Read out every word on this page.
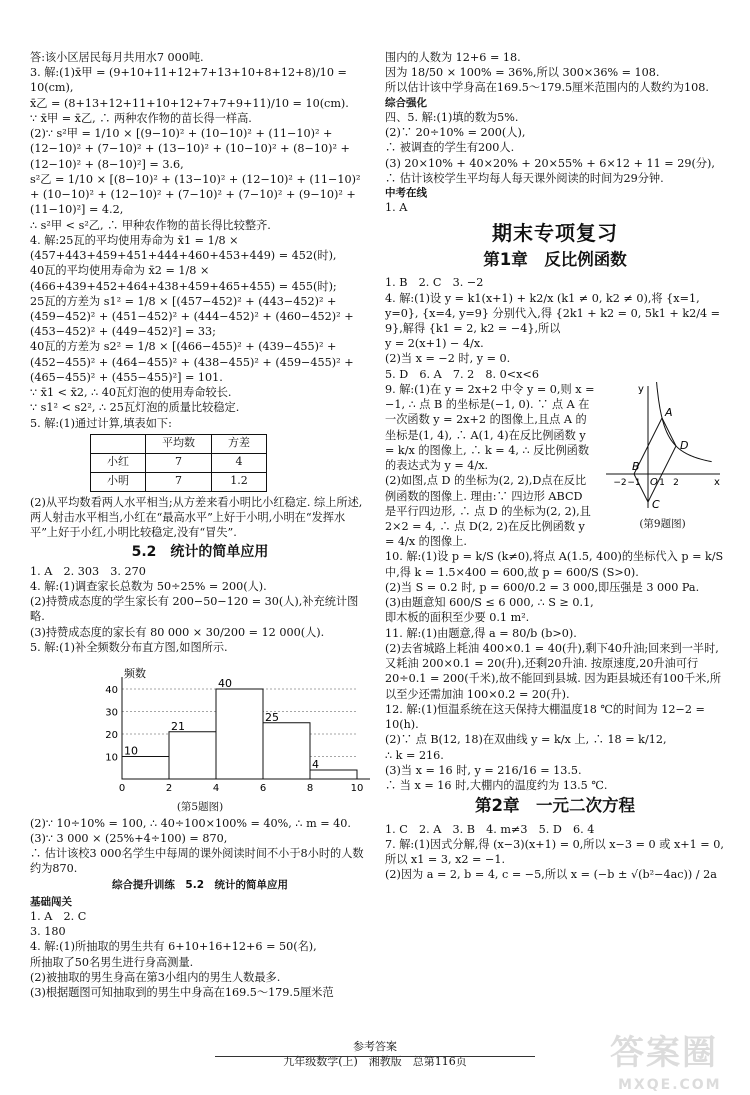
答:该小区居民每月共用水7 000吨.

3. 解:(1)x̄甲 = (9+10+11+12+7+13+10+8+12+8)/10 = 10(cm),

x̄乙 = (8+13+12+11+10+12+7+7+9+11)/10 = 10(cm).

∵ x̄甲 = x̄乙, ∴ 两种农作物的苗长得一样高.

(2)∵ s²甲 = 1/10 × [(9−10)² + (10−10)² + (11−10)² + (12−10)² + (7−10)² + (13−10)² + (10−10)² + (8−10)² + (12−10)² + (8−10)²] = 3.6,

s²乙 = 1/10 × [(8−10)² + (13−10)² + (12−10)² + (11−10)² + (10−10)² + (12−10)² + (7−10)² + (7−10)² + (9−10)² + (11−10)²] = 4.2,

∴ s²甲 < s²乙, ∴ 甲种农作物的苗长得比较整齐.

4. 解:25瓦的平均使用寿命为 x̄1 = 1/8 × (457+443+459+451+444+460+453+449) = 452(时),

40瓦的平均使用寿命为 x̄2 = 1/8 × (466+439+452+464+438+459+465+455) = 455(时);

25瓦的方差为 s1² = 1/8 × [(457−452)² + (443−452)² + (459−452)² + (451−452)² + (444−452)² + (460−452)² + (453−452)² + (449−452)²] = 33;

40瓦的方差为 s2² = 1/8 × [(466−455)² + (439−455)² + (452−455)² + (464−455)² + (438−455)² + (459−455)² + (465−455)² + (455−455)²] = 101.

∵ x̄1 < x̄2, ∴ 40瓦灯泡的使用寿命较长.

∵ s1² < s2², ∴ 25瓦灯泡的质量比较稳定.

5. 解:(1)通过计算,填表如下:

	平均数	方差
小红	7	4
小明	7	1.2

(2)从平均数看两人水平相当;从方差来看小明比小红稳定. 综上所述,两人射击水平相当,小红在“最高水平”上好于小明,小明在“发挥水平”上好于小红,小明比较稳定,没有“冒失”.

5.2　统计的简单应用

1. A　2. 303　3. 270

4. 解:(1)调查家长总数为 50÷25% = 200(人).

(2)持赞成态度的学生家长有 200−50−120 = 30(人),补充统计图略.

(3)持赞成态度的家长有 80 000 × 30/200 = 12 000(人).

5. 解:(1)补全频数分布直方图,如图所示.

10
20
30
40
10
21
40
25
4
频数
0	2	4	6	8	10
(第5题图)

(2)∵ 10÷10% = 100, ∴ 40÷100×100% = 40%, ∴ m = 40.

(3)∵ 3 000 × (25%+4÷100) = 870,

∴ 估计该校3 000名学生中每周的课外阅读时间不小于8小时的人数约为870.

综合提升训练　5.2　统计的简单应用
基础闯关

1. A　2. C

3. 180

4. 解:(1)所抽取的男生共有 6+10+16+12+6 = 50(名),

所抽取了50名男生进行身高测量.

(2)被抽取的男生身高在第3小组内的男生人数最多.

(3)根据题图可知抽取到的男生中身高在169.5～179.5厘米范

围内的人数为 12+6 = 18.

因为 18/50 × 100% = 36%,所以 300×36% = 108.

所以估计该中学身高在169.5～179.5厘米范围内的人数约为108.

综合强化

四、5. 解:(1)填的数为5%.

(2)∵ 20÷10% = 200(人),

∴ 被调查的学生有200人.

(3) 20×10% + 40×20% + 20×55% + 6×12 + 11 = 29(分),

∴ 估计该校学生平均每人每天课外阅读的时间为29分钟.

中考在线

1. A

期末专项复习
第1章　反比例函数

1. B　2. C　3. −2

4. 解:(1)设 y = k1(x+1) + k2/x (k1 ≠ 0, k2 ≠ 0),将 {x=1, y=0}, {x=4, y=9} 分别代入,得 {2k1 + k2 = 0, 5k1 + k2/4 = 9},解得 {k1 = 2, k2 = −4},所以

y = 2(x+1) − 4/x.

(2)当 x = −2 时, y = 0.

5. D　6. A　7. 2　8. 0<x<6

x
y
A
B
O
C
D
−2 −1 1 2
(第9题图)

9. 解:(1)在 y = 2x+2 中令 y = 0,则 x = −1, ∴ 点 B 的坐标是(−1, 0). ∵ 点 A 在一次函数 y = 2x+2 的图像上,且点 A 的坐标是(1, 4), ∴ A(1, 4)在反比例函数 y = k/x 的图像上, ∴ k = 4, ∴ 反比例函数的表达式为 y = 4/x.

(2)如图,点 D 的坐标为(2, 2),D点在反比例函数的图像上. 理由:∵ 四边形 ABCD 是平行四边形, ∴ 点 D 的坐标为(2, 2),且 2×2 = 4, ∴ 点 D(2, 2)在反比例函数 y = 4/x 的图像上.

10. 解:(1)设 p = k/S (k≠0),将点 A(1.5, 400)的坐标代入 p = k/S 中,得 k = 1.5×400 = 600,故 p = 600/S (S>0).

(2)当 S = 0.2 时, p = 600/0.2 = 3 000,即压强是 3 000 Pa.

(3)由题意知 600/S ≤ 6 000, ∴ S ≥ 0.1,

即木板的面积至少要 0.1 m².

11. 解:(1)由题意,得 a = 80/b (b>0).

(2)去省城路上耗油 400×0.1 = 40(升),剩下40升油;回来到一半时,又耗油 200×0.1 = 20(升),还剩20升油. 按原速度,20升油可行 20÷0.1 = 200(千米),故不能回到县城. 因为距县城还有100千米,所以至少还需加油 100×0.2 = 20(升).

12. 解:(1)恒温系统在这天保持大棚温度18 ℃的时间为 12−2 = 10(h).

(2)∵ 点 B(12, 18)在双曲线 y = k/x 上, ∴ 18 = k/12,

∴ k = 216.

(3)当 x = 16 时, y = 216/16 = 13.5.

∴ 当 x = 16 时,大棚内的温度约为 13.5 ℃.

第2章　一元二次方程

1. C　2. A　3. B　4. m≠3　5. D　6. 4

7. 解:(1)因式分解,得 (x−3)(x+1) = 0,所以 x−3 = 0 或 x+1 = 0,所以 x1 = 3, x2 = −1.

(2)因为 a = 2, b = 4, c = −5,所以 x = (−b ± √(b²−4ac)) / 2a

参考答案
九年级数学(上)　湘教版　总第116页	答案圈
MXQE.COM
